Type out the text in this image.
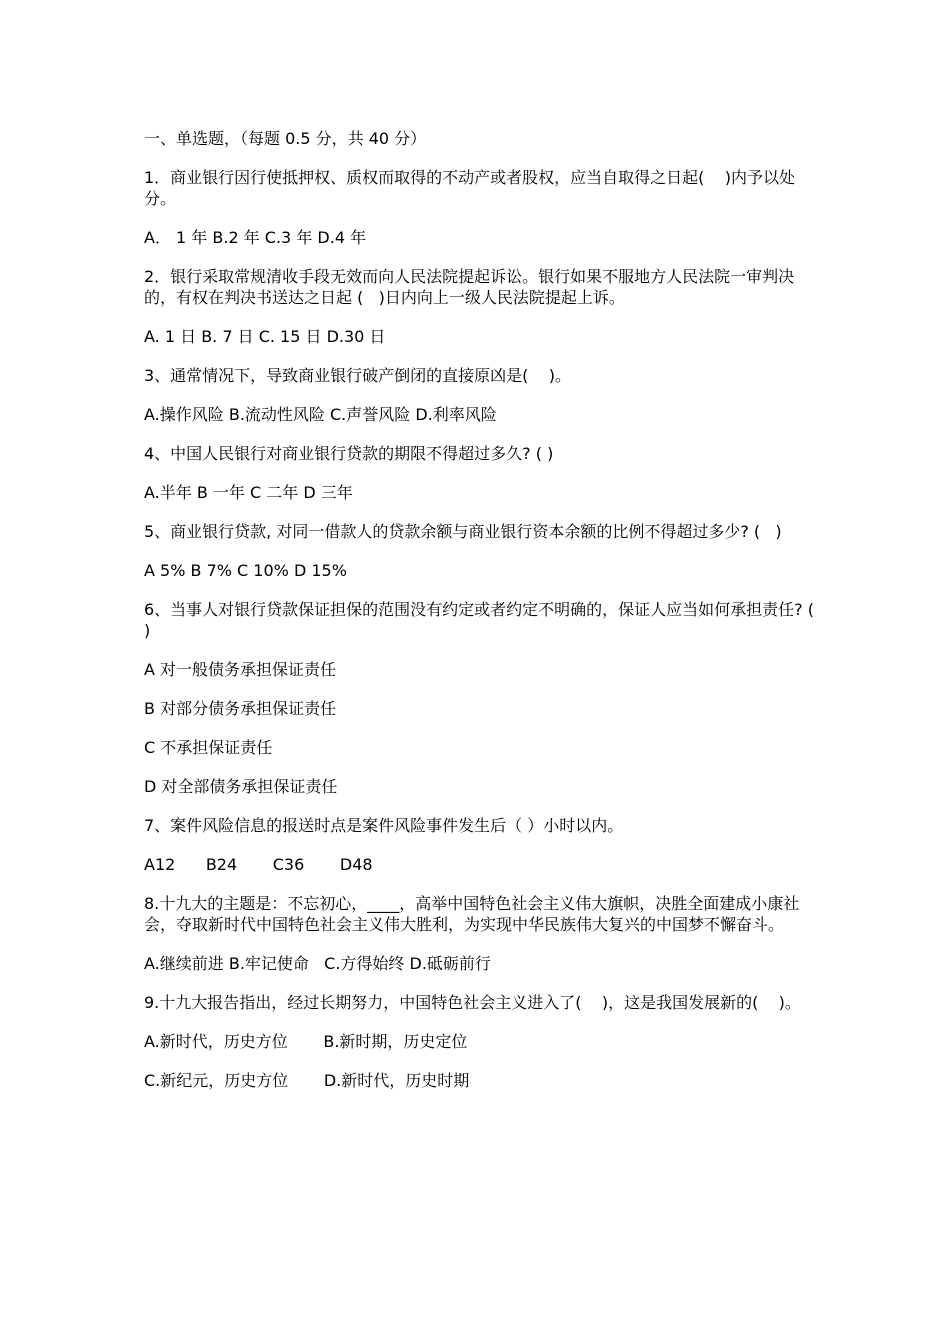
一、单选题，（每题 0.5 分，共 40 分）

1．商业银行因行使抵押权、质权而取得的不动产或者股权，应当自取得之日起(    )内予以处分。

A． 1 年 B.2 年 C.3 年 D.4 年

2．银行采取常规清收手段无效而向人民法院提起诉讼。银行如果不服地方人民法院一审判决的，有权在判决书送达之日起 (   )日内向上一级人民法院提起上诉。

A. 1 日 B. 7 日 C. 15 日 D.30 日

3、通常情况下，导致商业银行破产倒闭的直接原凶是(    )。

A.操作风险 B.流动性风险 C.声誉风险 D.利率风险

4、中国人民银行对商业银行贷款的期限不得超过多久? ( )

A.半年 B 一年 C 二年 D 三年

5、商业银行贷款, 对同一借款人的贷款余额与商业银行资本余额的比例不得超过多少? (   )

A 5% B 7% C 10% D 15%

6、当事人对银行贷款保证担保的范围没有约定或者约定不明确的，保证人应当如何承担责任? ( )

A 对一般债务承担保证责任

B 对部分债务承担保证责任

C 不承担保证责任

D 对全部债务承担保证责任

7、案件风险信息的报送时点是案件风险事件发生后（ ）小时以内。

A12      B24       C36       D48

8.十九大的主题是：不忘初心，____，高举中国特色社会主义伟大旗帜，决胜全面建成小康社会，夺取新时代中国特色社会主义伟大胜利，为实现中华民族伟大复兴的中国梦不懈奋斗。

A.继续前进 B.牢记使命   C.方得始终 D.砥砺前行

9.十九大报告指出，经过长期努力，中国特色社会主义进入了(    )，这是我国发展新的(    )。

A.新时代，历史方位       B.新时期，历史定位

C.新纪元，历史方位       D.新时代，历史时期
